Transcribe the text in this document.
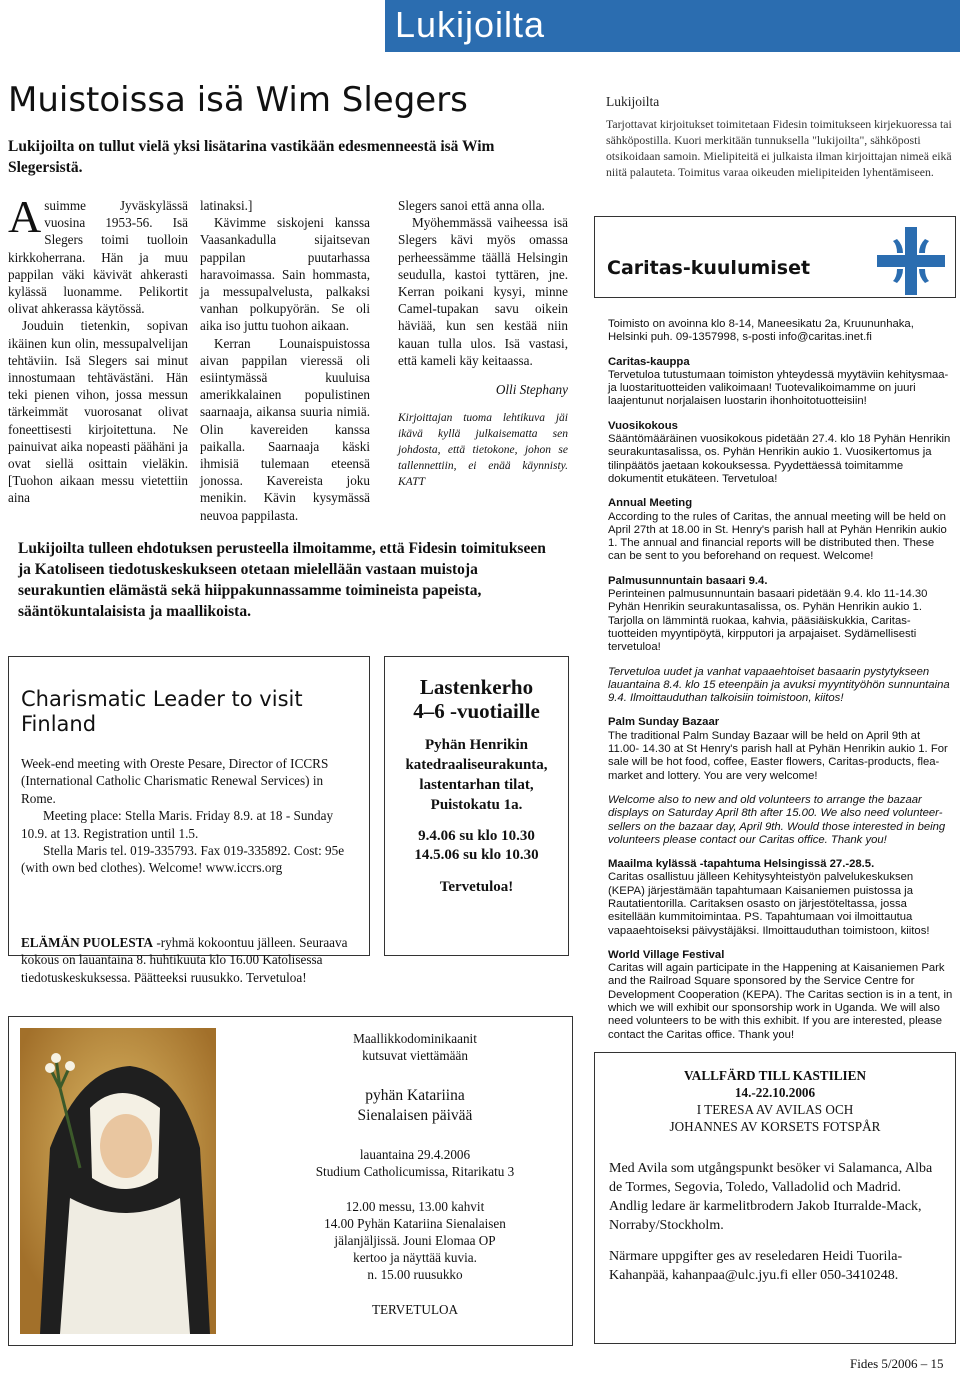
Lukijoilta
Muistoissa isä Wim Slegers
Lukijoilta on tullut vielä yksi lisätarina vastikään edesmenneestä isä Wim Slegersistä.

Asuimme Jyväskylässä vuosina 1953-56. Isä Slegers toimi tuolloin kirkkoherrana. Hän ja muu pappilan väki kävivät ahkerasti kylässä luonamme. Pelikortit olivat ahkerassa käytössä.

Jouduin tietenkin, sopivan ikäinen kun olin, messupalvelijan tehtäviin. Isä Slegers sai minut innostumaan tehtävästäni. Hän teki pienen vihon, jossa messun tärkeimmät vuorosanat olivat foneettisesti kirjoitettuna. Ne painuivat aika nopeasti päähäni ja ovat siellä osittain vieläkin. [Tuohon aikaan messu vietettiin aina

latinaksi.]

Kävimme siskojeni kanssa Vaasankadulla sijaitsevan pappilan puutarhassa haravoimassa. Sain hommasta, ja messupalvelusta, palkaksi vanhan polkupyörän. Se oli aika iso juttu tuohon aikaan.

Kerran Lounaispuistossa aivan pappilan vieressä oli esiintymässä kuuluisa amerikkalainen populistinen saarnaaja, aikansa suuria nimiä. Olin kavereiden kanssa paikalla. Saarnaaja käski ihmisiä tulemaan eteensä jonossa. Kavereista joku menikin. Kävin kysymässä neuvoa pappilasta.

Slegers sanoi että anna olla.

Myöhemmässä vaiheessa isä Slegers kävi myös omassa perheessämme täällä Helsingin seudulla, kastoi tyttären, jne. Kerran poikani kysyi, minne Camel-tupakan savu oikein häviää, kun sen kestää niin kauan tulla ulos. Isä vastasi, että kameli käy keitaassa.

Olli Stephany
Kirjoittajan tuoma lehtikuva jäi ikävä kyllä julkaisematta sen johdosta, että tietokone, johon se tallennettiin, ei enää käynnisty. KATT
Lukijoilta tulleen ehdotuksen perusteella ilmoitamme, että Fidesin toimitukseen ja Katoliseen tiedotuskeskukseen otetaan mielellään vastaan muistoja seurakuntien elämästä sekä hiippakunnassamme toimineista papeista, sääntökuntalaisista ja maallikoista.
Charismatic Leader to visit Finland

Week-end meeting with Oreste Pesare, Director of ICCRS (International Catholic Charismatic Renewal Services) in Rome.

Meeting place: Stella Maris. Friday 8.9. at 18 - Sunday 10.9. at 13. Registration until 1.5.

Stella Maris tel. 019-335793. Fax 019-335892. Cost: 95e (with own bed clothes). Welcome! www.iccrs.org

ELÄMÄN PUOLESTA -ryhmä kokoontuu jälleen. Seuraava kokous on lauantaina 8. huhtikuuta klo 16.00 Katolisessa tiedotuskeskuksessa. Päätteeksi ruusukko. Tervetuloa!
Lastenkerho
4–6 -vuotiaille
Pyhän Henrikin
katedraaliseurakunta,
lastentarhan tilat,
Puistokatu 1a.
9.4.06 su klo 10.30
14.5.06 su klo 10.30
Tervetuloa!
Lukijoilta
Tarjottavat kirjoitukset toimitetaan Fidesin toimitukseen kirjekuoressa tai sähköpostilla. Kuori merkitään tunnuksella "lukijoilta", sähköposti otsikoidaan samoin. Mielipiteitä ei julkaista ilman kirjoittajan nimeä eikä niitä palauteta. Toimitus varaa oikeuden mielipiteiden lyhentämiseen.
Caritas-kuulumiset

Toimisto on avoinna klo 8-14, Maneesikatu 2a, Kruununhaka, Helsinki puh. 09-1357998, s-posti info@caritas.inet.fi

Caritas-kauppa
Tervetuloa tutustumaan toimiston yhteydessä myytäviin kehitysmaa- ja luostarituotteiden valikoimaan! Tuotevalikoimamme on juuri laajentunut norjalaisen luostarin ihonhoitotuotteisiin!

Vuosikokous
Sääntömääräinen vuosikokous pidetään 27.4. klo 18 Pyhän Henrikin seurakuntasalissa, os. Pyhän Henrikin aukio 1. Vuosikertomus ja tilinpäätös jaetaan kokouksessa. Pyydettäessä toimitamme dokumentit etukäteen. Tervetuloa!

Annual Meeting
According to the rules of Caritas, the annual meeting will be held on April 27th at 18.00 in St. Henry's parish hall at Pyhän Henrikin aukio 1. The annual and financial reports will be distributed then. These can be sent to you beforehand on request. Welcome!

Palmusunnuntain basaari 9.4.
Perinteinen palmusunnuntain basaari pidetään 9.4. klo 11-14.30 Pyhän Henrikin seurakuntasalissa, os. Pyhän Henrikin aukio 1. Tarjolla on lämmintä ruokaa, kahvia, pääsiäiskukkia, Caritas-tuotteiden myyntipöytä, kirpputori ja arpajaiset. Sydämellisesti tervetuloa!

Tervetuloa uudet ja vanhat vapaaehtoiset basaarin pystytykseen lauantaina 8.4. klo 15 eteenpäin ja avuksi myyntityöhön sunnuntaina 9.4. Ilmoittauduthan talkoisiin toimistoon, kiitos!

Palm Sunday Bazaar
The traditional Palm Sunday Bazaar will be held on April 9th at 11.00- 14.30 at St Henry's parish hall at Pyhän Henrikin aukio 1. For sale will be hot food, coffee, Easter flowers, Caritas-products, flea-market and lottery. You are very welcome!

Welcome also to new and old volunteers to arrange the bazaar displays on Saturday April 8th after 15.00. We also need volunteer-sellers on the bazaar day, April 9th. Would those interested in being volunteers please contact our Caritas office. Thank you!

Maailma kylässä -tapahtuma Helsingissä 27.-28.5.
Caritas osallistuu jälleen Kehitysyhteistyön palvelukeskuksen (KEPA) järjestämään tapahtumaan Kaisaniemen puistossa ja Rautatientorilla. Caritaksen osasto on järjestöteltassa, jossa esitellään kummitoimintaa. PS. Tapahtumaan voi ilmoittautua vapaaehtoiseksi päivystäjäksi. Ilmoittauduthan toimistoon, kiitos!

World Village Festival
Caritas will again participate in the Happening at Kaisaniemen Park and the Railroad Square sponsored by the Service Centre for Development Cooperation (KEPA). The Caritas section is in a tent, in which we will exhibit our sponsorship work in Uganda. We will also need volunteers to be with this exhibit. If you are interested, please contact the Caritas office. Thank you!

Maallikkodominikaanit
kutsuvat viettämään
pyhän Katariina
Sienalaisen päivää
lauantaina 29.4.2006
Studium Catholicumissa, Ritarikatu 3
12.00 messu, 13.00 kahvit
14.00 Pyhän Katariina Sienalaisen
jälanjäljissä. Jouni Elomaa OP
kertoo ja näyttää kuvia.
n. 15.00 ruusukko
TERVETULOA
VALLFÄRD TILL KASTILIEN
14.-22.10.2006
I TERESA AV AVILAS OCH
JOHANNES AV KORSETS FOTSPÅR

Med Avila som utgångspunkt besöker vi Salamanca, Alba de Tormes, Segovia, Toledo, Valladolid och Madrid. Andlig ledare är karmelitbrodern Jakob Iturralde-Mack, Norraby/Stockholm.

Närmare uppgifter ges av reseledaren Heidi Tuorila-Kahanpää, kahanpaa@ulc.jyu.fi eller 050-3410248.

Fides 5/2006 – 15
